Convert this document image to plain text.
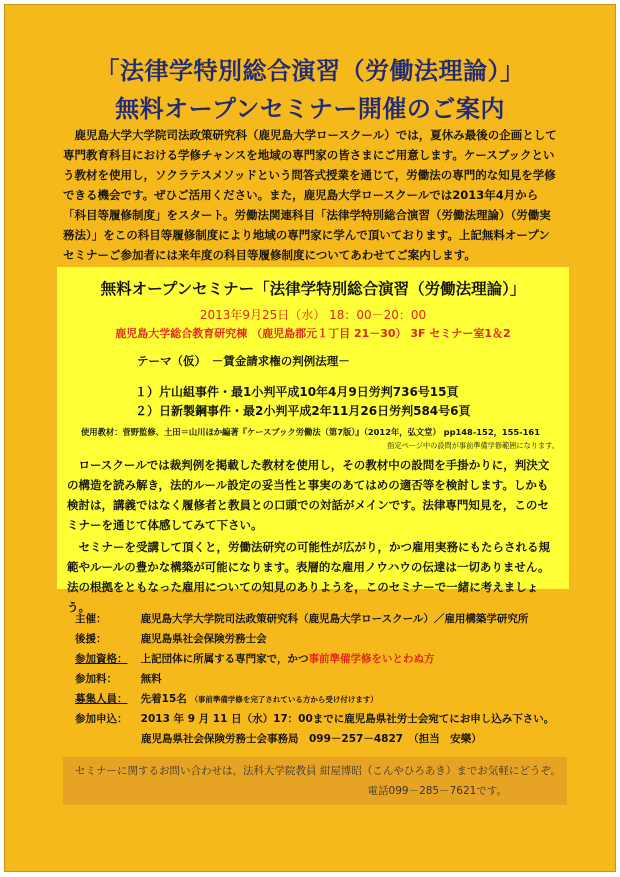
「法律学特別総合演習（労働法理論）」
無料オープンセミナー開催のご案内
鹿児島大学大学院司法政策研究科（鹿児島大学ロースクール）では，夏休み最後の企画として専門教育科目における学修チャンスを地域の専門家の皆さまにご用意します。ケースブックという教材を使用し，ソクラテスメソッドという問答式授業を通じて，労働法の専門的な知見を学修できる機会です。ぜひご活用ください。また，鹿児島大学ロースクールでは2013年4月から「科目等履修制度」をスタート。労働法関連科目「法律学特別総合演習（労働法理論）（労働実務法）」をこの科目等履修制度により地域の専門家に学んで頂いております。上記無料オープンセミナーご参加者には来年度の科目等履修制度についてあわせてご案内します。
無料オープンセミナー「法律学特別総合演習（労働法理論）」
2013年9月25日（水） 18：00－20：00
鹿児島大学総合教育研究棟 （鹿児島郡元１丁目 21－30） 3F セミナー室1＆2
テーマ（仮）　－賃金請求権の判例法理－
１）片山組事件・最1小判平成10年4月9日労判736号15頁
２）日新製鋼事件・最2小判平成2年11月26日労判584号6頁
使用教材：菅野監修、土田＝山川ほか編著『ケースブック労働法（第7版）』（2012年，弘文堂） pp148-152，155-161
指定ページ中の設問が事前準備学修範囲になります。
ロースクールでは裁判例を掲載した教材を使用し，その教材中の設問を手掛かりに，判決文の構造を読み解き，法的ルール設定の妥当性と事実のあてはめの適否等を検討します。しかも検討は，講義ではなく履修者と教員との口頭での対話がメインです。法律専門知見を，このセミナーを通じて体感してみて下さい。
セミナーを受講して頂くと，労働法研究の可能性が広がり，かつ雇用実務にもたらされる規範やルールの豊かな構築が可能になります。表層的な雇用ノウハウの伝達は一切ありません。法の根拠をともなった雇用についての知見のありようを，このセミナーで一緒に考えましょう。
主催：	鹿児島大学大学院司法政策研究科（鹿児島大学ロースクール）／雇用構築学研究所
後援：	鹿児島県社会保険労務士会
参加資格： 上記団体に所属する専門家で，かつ事前準備学修をいとわぬ方
参加料： 無料
募集人員： 先着15名 （事前準備学修を完了されている方から受け付けます）
参加申込： 2013 年 9 月 11 日（水）17：00までに鹿児島県社労士会宛てにお申し込み下さい。
鹿児島県社会保険労務士会事務局　099－257－4827　（担当　安樂）
セミナーに関するお問い合わせは，法科大学院教員 紺屋博昭（こんやひろあき）までお気軽にどうぞ。
電話099－285－7621です。
